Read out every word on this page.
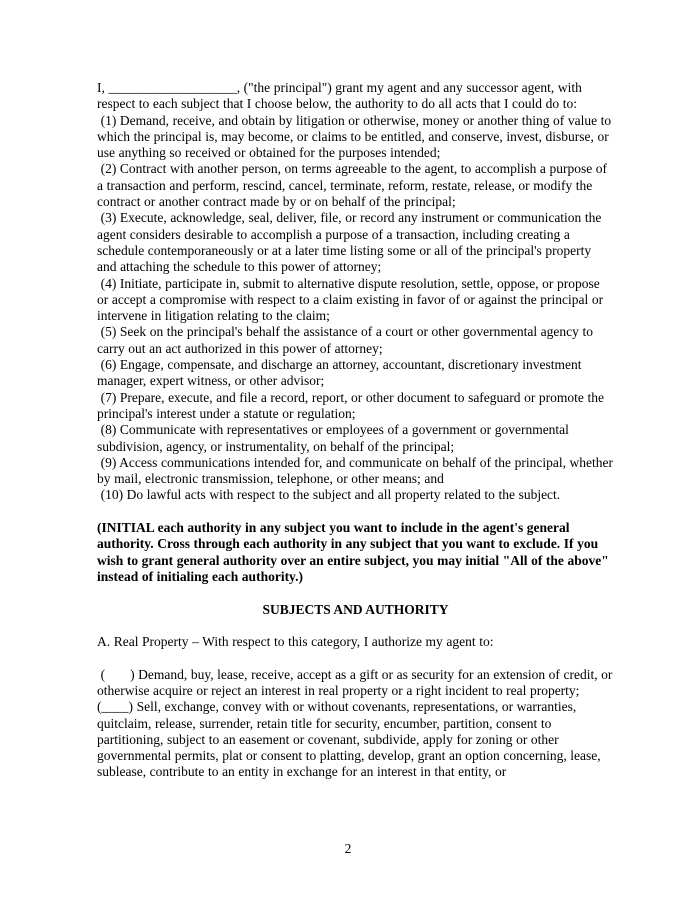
I, ___________________, ("the principal") grant my agent and any successor agent, with respect to each subject that I choose below, the authority to do all acts that I could do to:

(1) Demand, receive, and obtain by litigation or otherwise, money or another thing of value to which the principal is, may become, or claims to be entitled, and conserve, invest, disburse, or use anything so received or obtained for the purposes intended;

(2) Contract with another person, on terms agreeable to the agent, to accomplish a purpose of a transaction and perform, rescind, cancel, terminate, reform, restate, release, or modify the contract or another contract made by or on behalf of the principal;

(3) Execute, acknowledge, seal, deliver, file, or record any instrument or communication the agent considers desirable to accomplish a purpose of a transaction, including creating a schedule contemporaneously or at a later time listing some or all of the principal's property and attaching the schedule to this power of attorney;

(4) Initiate, participate in, submit to alternative dispute resolution, settle, oppose, or propose or accept a compromise with respect to a claim existing in favor of or against the principal or intervene in litigation relating to the claim;

(5) Seek on the principal's behalf the assistance of a court or other governmental agency to carry out an act authorized in this power of attorney;

(6) Engage, compensate, and discharge an attorney, accountant, discretionary investment manager, expert witness, or other advisor;

(7) Prepare, execute, and file a record, report, or other document to safeguard or promote the principal's interest under a statute or regulation;

(8) Communicate with representatives or employees of a government or governmental subdivision, agency, or instrumentality, on behalf of the principal;

(9) Access communications intended for, and communicate on behalf of the principal, whether by mail, electronic transmission, telephone, or other means; and

(10) Do lawful acts with respect to the subject and all property related to the subject.

(INITIAL each authority in any subject you want to include in the agent's general authority. Cross through each authority in any subject that you want to exclude. If you wish to grant general authority over an entire subject, you may initial "All of the above" instead of initialing each authority.)

SUBJECTS AND AUTHORITY

A. Real Property – With respect to this category, I authorize my agent to:

(       ) Demand, buy, lease, receive, accept as a gift or as security for an extension of credit, or otherwise acquire or reject an interest in real property or a right incident to real property;

(____) Sell, exchange, convey with or without covenants, representations, or warranties, quitclaim, release, surrender, retain title for security, encumber, partition, consent to partitioning, subject to an easement or covenant, subdivide, apply for zoning or other governmental permits, plat or consent to platting, develop, grant an option concerning, lease, sublease, contribute to an entity in exchange for an interest in that entity, or

2
